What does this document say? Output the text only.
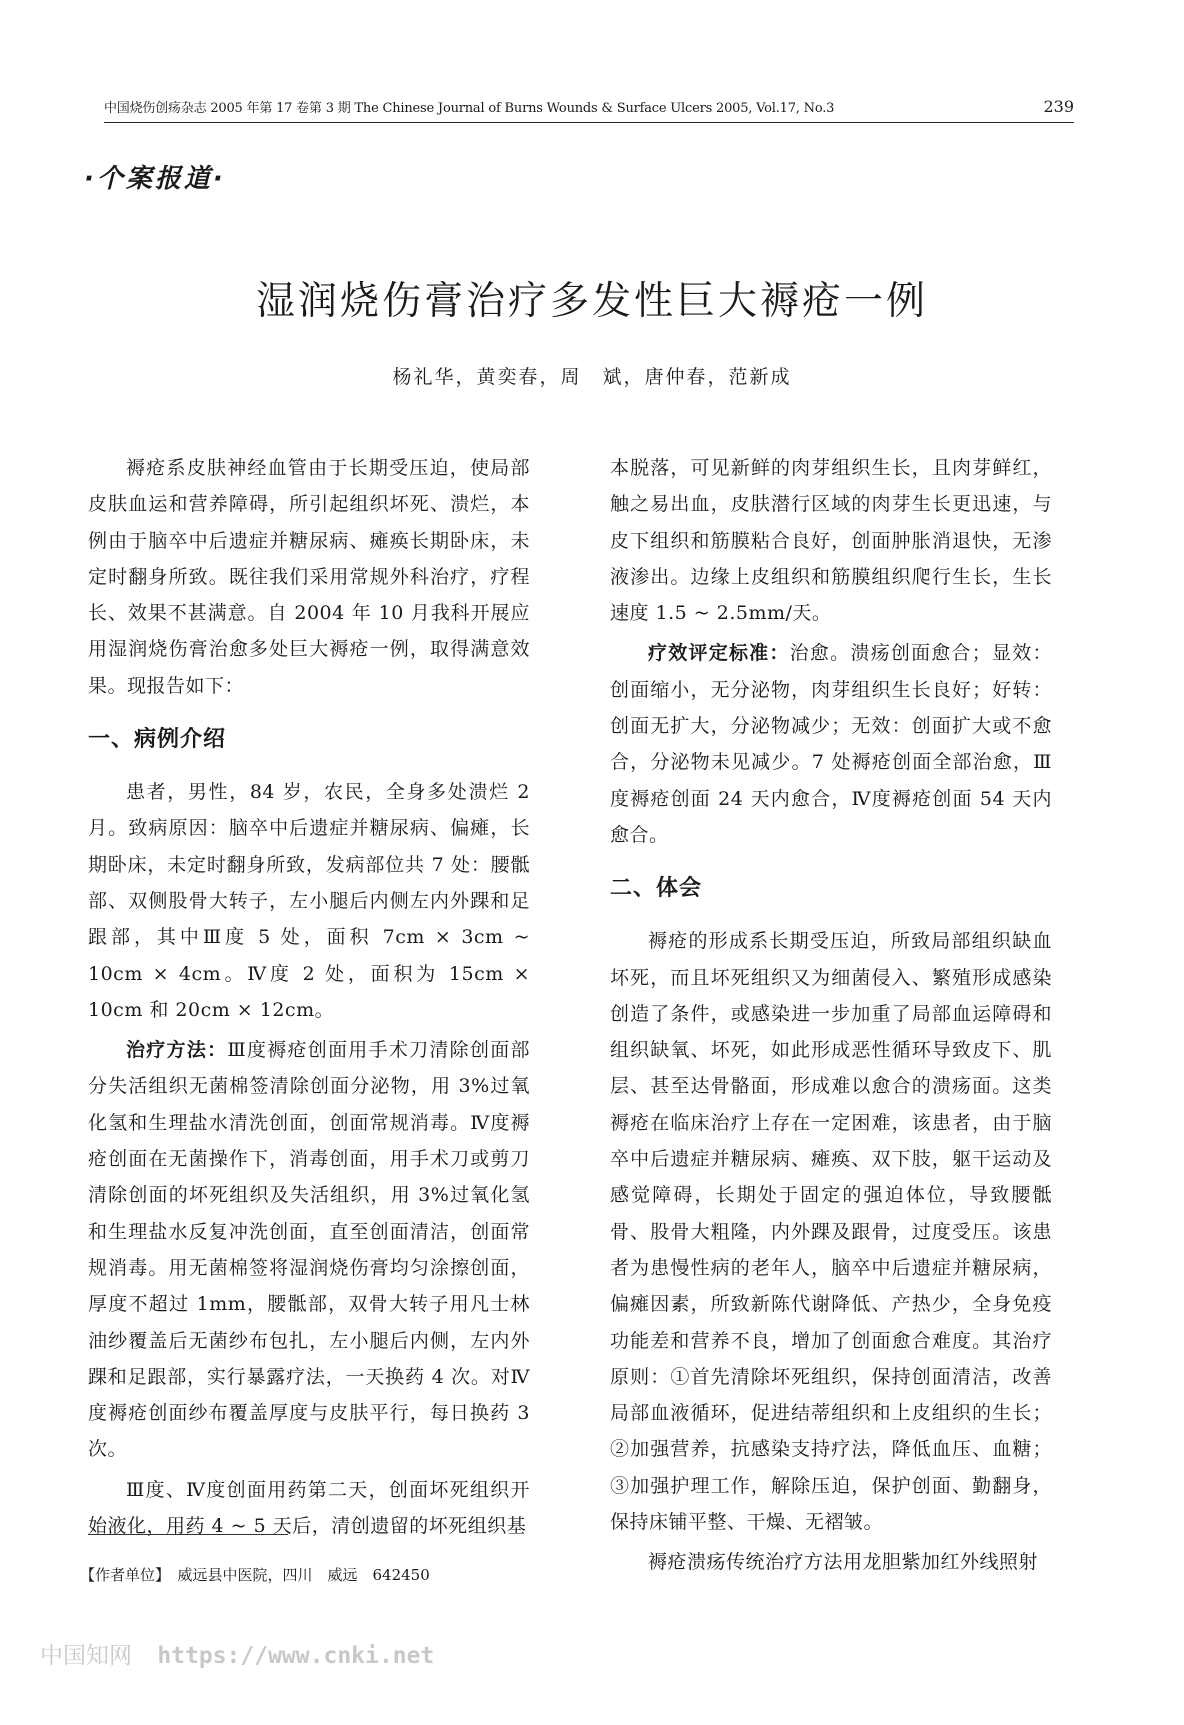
中国烧伤创疡杂志 2005 年第 17 卷第 3 期 The Chinese Journal of Burns Wounds & Surface Ulcers 2005, Vol.17, No.3	239
·个案报道·
湿润烧伤膏治疗多发性巨大褥疮一例
杨礼华，黄奕春，周　斌，唐仲春，范新成

褥疮系皮肤神经血管由于长期受压迫，使局部皮肤血运和营养障碍，所引起组织坏死、溃烂，本例由于脑卒中后遗症并糖尿病、瘫痪长期卧床，未定时翻身所致。既往我们采用常规外科治疗，疗程长、效果不甚满意。自 2004 年 10 月我科开展应用湿润烧伤膏治愈多处巨大褥疮一例，取得满意效果。现报告如下：

一、病例介绍

患者，男性，84 岁，农民，全身多处溃烂 2 月。致病原因：脑卒中后遗症并糖尿病、偏瘫，长期卧床，未定时翻身所致，发病部位共 7 处：腰骶部、双侧股骨大转子，左小腿后内侧左内外踝和足跟部，其中Ⅲ度 5 处，面积 7cm × 3cm ~ 10cm × 4cm。Ⅳ度 2 处，面积为 15cm × 10cm 和 20cm × 12cm。

治疗方法：Ⅲ度褥疮创面用手术刀清除创面部分失活组织无菌棉签清除创面分泌物，用 3%过氧化氢和生理盐水清洗创面，创面常规消毒。Ⅳ度褥疮创面在无菌操作下，消毒创面，用手术刀或剪刀清除创面的坏死组织及失活组织，用 3%过氧化氢和生理盐水反复冲洗创面，直至创面清洁，创面常规消毒。用无菌棉签将湿润烧伤膏均匀涂擦创面，厚度不超过 1mm，腰骶部，双骨大转子用凡士林油纱覆盖后无菌纱布包扎，左小腿后内侧，左内外踝和足跟部，实行暴露疗法，一天换药 4 次。对Ⅳ度褥疮创面纱布覆盖厚度与皮肤平行，每日换药 3 次。

Ⅲ度、Ⅳ度创面用药第二天，创面坏死组织开始液化，用药 4 ~ 5 天后，清创遗留的坏死组织基

本脱落，可见新鲜的肉芽组织生长，且肉芽鲜红，触之易出血，皮肤潜行区域的肉芽生长更迅速，与皮下组织和筋膜粘合良好，创面肿胀消退快，无渗液渗出。边缘上皮组织和筋膜组织爬行生长，生长速度 1.5 ~ 2.5mm/天。

疗效评定标准：治愈。溃疡创面愈合；显效：创面缩小，无分泌物，肉芽组织生长良好；好转：创面无扩大，分泌物减少；无效：创面扩大或不愈合，分泌物未见减少。7 处褥疮创面全部治愈，Ⅲ度褥疮创面 24 天内愈合，Ⅳ度褥疮创面 54 天内愈合。

二、体会

褥疮的形成系长期受压迫，所致局部组织缺血坏死，而且坏死组织又为细菌侵入、繁殖形成感染创造了条件，或感染进一步加重了局部血运障碍和组织缺氧、坏死，如此形成恶性循环导致皮下、肌层、甚至达骨骼面，形成难以愈合的溃疡面。这类褥疮在临床治疗上存在一定困难，该患者，由于脑卒中后遗症并糖尿病、瘫痪、双下肢，躯干运动及感觉障碍，长期处于固定的强迫体位，导致腰骶骨、股骨大粗隆，内外踝及跟骨，过度受压。该患者为患慢性病的老年人，脑卒中后遗症并糖尿病，偏瘫因素，所致新陈代谢降低、产热少，全身免疫功能差和营养不良，增加了创面愈合难度。其治疗原则：①首先清除坏死组织，保持创面清洁，改善局部血液循环，促进结蒂组织和上皮组织的生长；②加强营养，抗感染支持疗法，降低血压、血糖；③加强护理工作，解除压迫，保护创面、勤翻身，保持床铺平整、干燥、无褶皱。

褥疮溃疡传统治疗方法用龙胆紫加红外线照射

【作者单位】　威远县中医院，四川　威远　642450
中国知网 https://www.cnki.net
